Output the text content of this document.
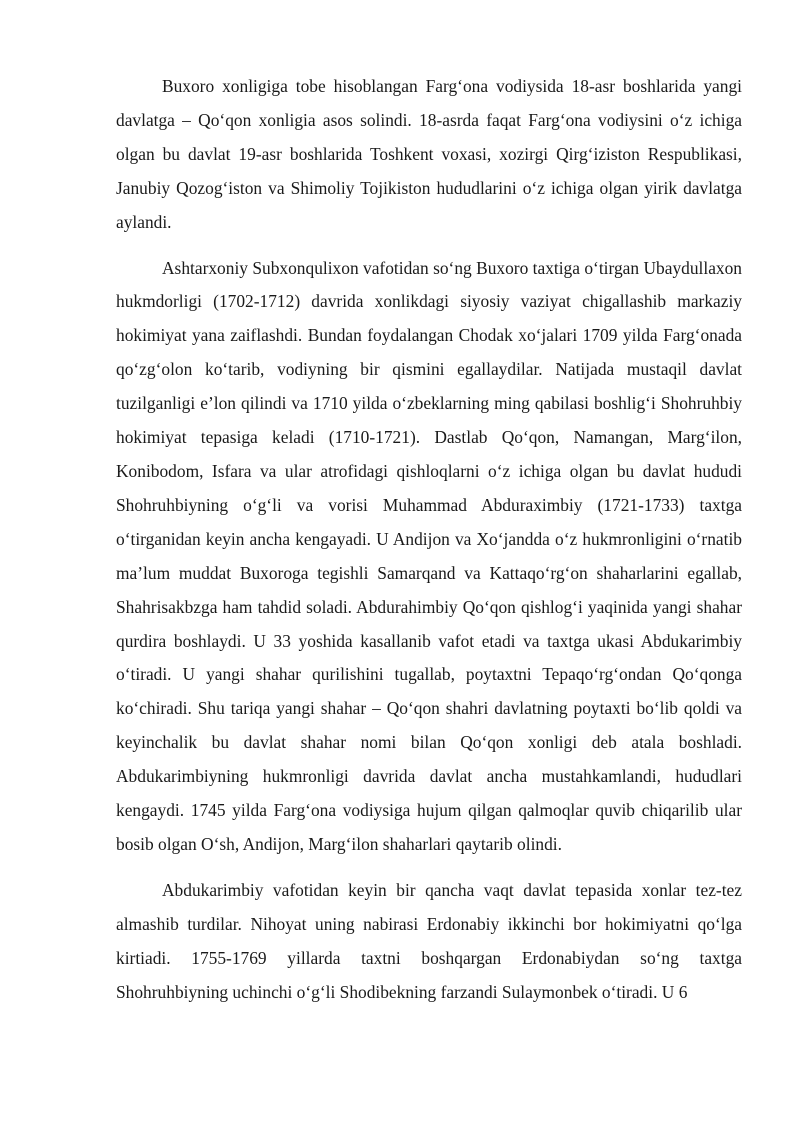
Buxoro xonligiga tobe hisoblangan Farg‘ona vodiysida 18-asr boshlarida yangi davlatga – Qo‘qon xonligia asos solindi. 18-asrda faqat Farg‘ona vodiysini o‘z ichiga olgan bu davlat 19-asr boshlarida Toshkent voxasi, xozirgi Qirg‘iziston Respublikasi, Janubiy Qozog‘iston va Shimoliy Tojikiston hududlarini o‘z ichiga olgan yirik davlatga aylandi.

Ashtarxoniy Subxonqulixon vafotidan so‘ng Buxoro taxtiga o‘tirgan Ubaydullaxon hukmdorligi (1702-1712) davrida xonlikdagi siyosiy vaziyat chigallashib markaziy hokimiyat yana zaiflashdi. Bundan foydalangan Chodak xo‘jalari 1709 yilda Farg‘onada qo‘zg‘olon ko‘tarib, vodiyning bir qismini egallaydilar. Natijada mustaqil davlat tuzilganligi e’lon qilindi va 1710 yilda o‘zbeklarning ming qabilasi boshlig‘i Shohruhbiy hokimiyat tepasiga keladi (1710-1721). Dastlab Qo‘qon, Namangan, Marg‘ilon, Konibodom, Isfara va ular atrofidagi qishloqlarni o‘z ichiga olgan bu davlat hududi Shohruhbiyning o‘g‘li va vorisi Muhammad Abduraximbiy (1721-1733) taxtga o‘tirganidan keyin ancha kengayadi. U Andijon va Xo‘jandda o‘z hukmronligini o‘rnatib ma’lum muddat Buxoroga tegishli Samarqand va Kattaqo‘rg‘on shaharlarini egallab, Shahrisakbzga ham tahdid soladi. Abdurahimbiy Qo‘qon qishlog‘i yaqinida yangi shahar qurdira boshlaydi. U 33 yoshida kasallanib vafot etadi va taxtga ukasi Abdukarimbiy o‘tiradi. U yangi shahar qurilishini tugallab, poytaxtni Tepaqo‘rg‘ondan Qo‘qonga ko‘chiradi. Shu tariqa yangi shahar – Qo‘qon shahri davlatning poytaxti bo‘lib qoldi va keyinchalik bu davlat shahar nomi bilan Qo‘qon xonligi deb atala boshladi. Abdukarimbiyning hukmronligi davrida davlat ancha mustahkamlandi, hududlari kengaydi. 1745 yilda Farg‘ona vodiysiga hujum qilgan qalmoqlar quvib chiqarilib ular bosib olgan O‘sh, Andijon, Marg‘ilon shaharlari qaytarib olindi.

Abdukarimbiy vafotidan keyin bir qancha vaqt davlat tepasida xonlar tez-tez almashib turdilar. Nihoyat uning nabirasi Erdonabiy ikkinchi bor hokimiyatni qo‘lga kirtiadi. 1755-1769 yillarda taxtni boshqargan Erdonabiydan so‘ng taxtga Shohruhbiyning uchinchi o‘g‘li Shodibekning farzandi Sulaymonbek o‘tiradi. U 6
